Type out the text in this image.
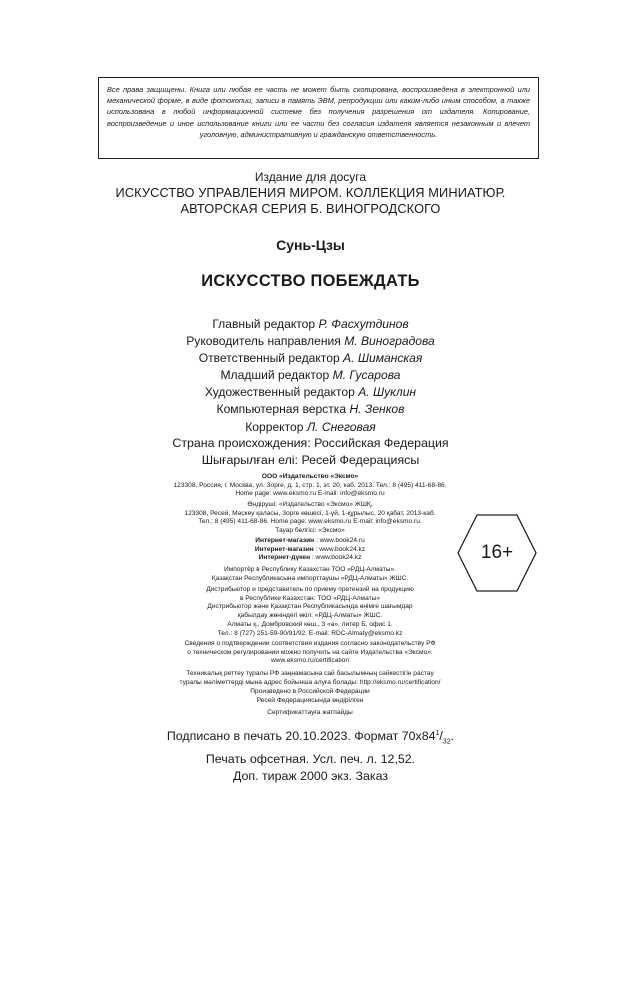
Все права защищены. Книга или любая ее часть не может быть скопирована, воспроизведена в электронной или механической форме, в виде фотокопии, записи в память ЭВМ, репродукции или каким-либо иным способом, а также использована в любой информационной системе без получения разрешения от издателя. Копирование, воспроизведение и иное использование книги или ее части без согласия издателя является незаконным и влечет уголовную, административную и гражданскую ответственность.
Издание для досуга
ИСКУССТВО УПРАВЛЕНИЯ МИРОМ. КОЛЛЕКЦИЯ МИНИАТЮР.
АВТОРСКАЯ СЕРИЯ Б. ВИНОГРОДСКОГО
Сунь-Цзы
ИСКУССТВО ПОБЕЖДАТЬ
Главный редактор Р. Фасхутдинов
Руководитель направления М. Виноградова
Ответственный редактор А. Шиманская
Младший редактор М. Гусарова
Художественный редактор А. Шуклин
Компьютерная верстка Н. Зенков
Корректор Л. Снеговая
Страна происхождения: Российская Федерация
Шығарылған елі: Ресей Федерациясы
ООО «Издательство «Эксмо»
123308, Россия, г. Москва, ул. Зорге, д. 1, стр. 1, эт. 20, каб. 2013. Тел.: 8 (495) 411-68-86.
Home page: www.eksmo.ru E-mail: info@eksmo.ru
Өндіруші: «Издательство «Эксмо» ЖШҚ,
123308, Ресей, Мәскеу қаласы, Зорге көшесі, 1-үй, 1-құрылыс, 20 қабат, 2013-каб.
Тел.: 8 (495) 411-68-86. Home page: www.eksmo.ru E-mail: info@eksmo.ru.
Тауар белгісі: «Эксмо»
Интернет-магазин : www.book24.ru
Интернет-магазин : www.book24.kz
Интернет-дүкен : www.book24.kz
Импортёр в Республику Казахстан ТОО «РДЦ-Алматы».
Қазақстан Республикасына импорттаушы «РДЦ-Алматы» ЖШС.
Дистрибьютор и представитель по приему претензий на продукцию
в Республике Казахстан: ТОО «РДЦ-Алматы»
Дистрибьютор және Қазақстан Республикасында өнімге шағымдар
қабылдау жөніндегі өкіл: «РДЦ-Алматы» ЖШС.
Алматы қ., Домбровский көш., 3 «а», литер Б, офис 1.
Тел.: 8 (727) 251-59-90/91/92. E-mail: RDC-Almaty@eksmo.kz
Сведения о подтверждении соответствия издания согласно законодательству РФ
о техническом регулировании можно получить на сайте Издательства «Эксмо»:
www.eksmo.ru/certification
Техникалық реттеу туралы РФ заңнамасына сай басылымның сәйкестігін растау
туралы мәліметтерді мына адрес бойынша алуға болады: http://eksmo.ru/certification/
Произведено в Российской Федерации
Ресей Федерациясында өндірілген
Сертификаттауға жатпайды
16+
Подписано в печать 20.10.2023. Формат $70x84^1/_{32}$.
Печать офсетная. Усл. печ. л. 12,52.
Доп. тираж 2000 экз. Заказ
